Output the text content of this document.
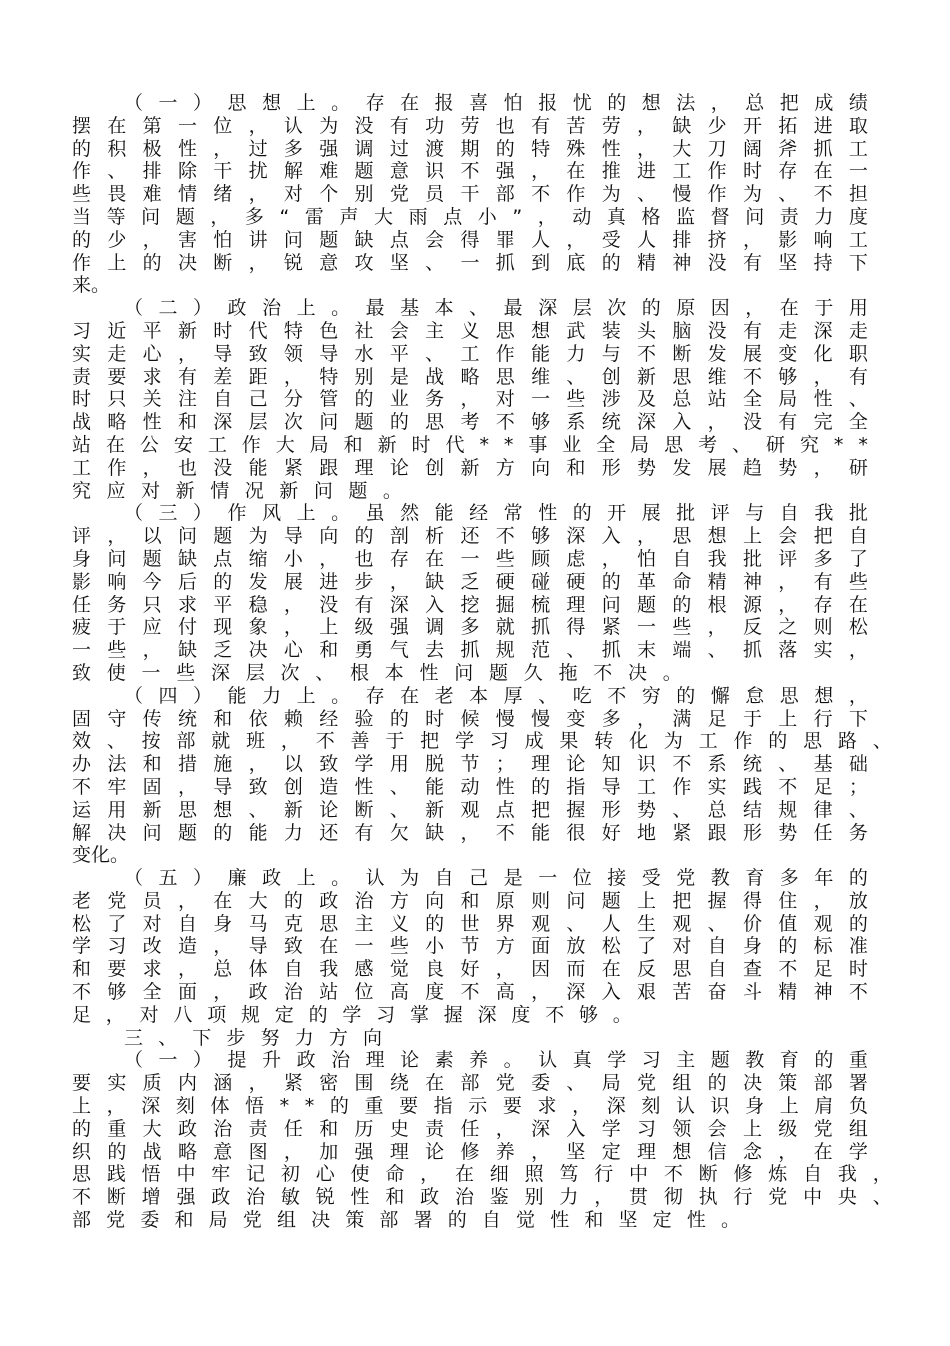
（ 一 ） 思 想 上 。 存 在 报 喜 怕 报 忧 的 想 法 ， 总 把 成 绩
摆 在 第 一 位 ， 认 为 没 有 功 劳 也 有 苦 劳 ， 缺 少 开 拓 进 取
的 积 极 性 ， 过 多 强 调 过 渡 期 的 特 殊 性 ， 大 刀 阔 斧 抓 工
作 、 排 除 干 扰 解 难 题 意 识 不 强 ， 在 推 进 工 作 时 存 在 一
些 畏 难 情 绪 ， 对 个 别 党 员 干 部 不 作 为 、 慢 作 为 、 不 担
当 等 问 题 ， 多 “ 雷 声 大 雨 点 小 ” ， 动 真 格 监 督 问 责 力 度
的 少 ， 害 怕 讲 问 题 缺 点 会 得 罪 人 ， 受 人 排 挤 ， 影 响 工
作 上 的 决 断 ， 锐 意 攻 坚 、 一 抓 到 底 的 精 神 没 有 坚 持 下
来。
（ 二 ） 政 治 上 。 最 基 本 、 最 深 层 次 的 原 因 ， 在 于 用
习 近 平 新 时 代 特 色 社 会 主 义 思 想 武 装 头 脑 没 有 走 深 走
实 走 心 ， 导 致 领 导 水 平 、 工 作 能 力 与 不 断 发 展 变 化 职
责 要 求 有 差 距 ， 特 别 是 战 略 思 维 、 创 新 思 维 不 够 ， 有
时 只 关 注 自 己 分 管 的 业 务 ， 对 一 些 涉 及 总 站 全 局 性 、
战 略 性 和 深 层 次 问 题 的 思 考 不 够 系 统 深 入 ， 没 有 完 全
站 在 公 安 工 作 大 局 和 新 时 代 * * 事 业 全 局 思 考 、 研 究 * *
工 作 ， 也 没 能 紧 跟 理 论 创 新 方 向 和 形 势 发 展 趋 势 ， 研
究 应 对 新 情 况 新 问 题 。
（ 三 ） 作 风 上 。 虽 然 能 经 常 性 的 开 展 批 评 与 自 我 批
评 ， 以 问 题 为 导 向 的 剖 析 还 不 够 深 入 ， 思 想 上 会 把 自
身 问 题 缺 点 缩 小 ， 也 存 在 一 些 顾 虑 ， 怕 自 我 批 评 多 了
影 响 今 后 的 发 展 进 步 ， 缺 乏 硬 碰 硬 的 革 命 精 神 ， 有 些
任 务 只 求 平 稳 ， 没 有 深 入 挖 掘 梳 理 问 题 的 根 源 ， 存 在
疲 于 应 付 现 象 ， 上 级 强 调 多 就 抓 得 紧 一 些 ， 反 之 则 松
一 些 ， 缺 乏 决 心 和 勇 气 去 抓 规 范 、 抓 末 端 、 抓 落 实 ，
致 使 一 些 深 层 次 、 根 本 性 问 题 久 拖 不 决 。
（ 四 ） 能 力 上 。 存 在 老 本 厚 、 吃 不 穷 的 懈 怠 思 想 ，
固 守 传 统 和 依 赖 经 验 的 时 候 慢 慢 变 多 ， 满 足 于 上 行 下
效 、 按 部 就 班 ， 不 善 于 把 学 习 成 果 转 化 为 工 作 的 思 路 、
办 法 和 措 施 ， 以 致 学 用 脱 节 ； 理 论 知 识 不 系 统 、 基 础
不 牢 固 ， 导 致 创 造 性 、 能 动 性 的 指 导 工 作 实 践 不 足 ；
运 用 新 思 想 、 新 论 断 、 新 观 点 把 握 形 势 、 总 结 规 律 、
解 决 问 题 的 能 力 还 有 欠 缺 ， 不 能 很 好 地 紧 跟 形 势 任 务
变化。
（ 五 ） 廉 政 上 。 认 为 自 己 是 一 位 接 受 党 教 育 多 年 的
老 党 员 ， 在 大 的 政 治 方 向 和 原 则 问 题 上 把 握 得 住 ， 放
松 了 对 自 身 马 克 思 主 义 的 世 界 观 、 人 生 观 、 价 值 观 的
学 习 改 造 ， 导 致 在 一 些 小 节 方 面 放 松 了 对 自 身 的 标 准
和 要 求 ， 总 体 自 我 感 觉 良 好 ， 因 而 在 反 思 自 查 不 足 时
不 够 全 面 ， 政 治 站 位 高 度 不 高 ， 深 入 艰 苦 奋 斗 精 神 不
足 ， 对 八 项 规 定 的 学 习 掌 握 深 度 不 够 。
三 、 下 步 努 力 方 向
（ 一 ） 提 升 政 治 理 论 素 养 。 认 真 学 习 主 题 教 育 的 重
要 实 质 内 涵 ， 紧 密 围 绕 在 部 党 委 、 局 党 组 的 决 策 部 署
上 ， 深 刻 体 悟 * * 的 重 要 指 示 要 求 ， 深 刻 认 识 身 上 肩 负
的 重 大 政 治 责 任 和 历 史 责 任 ， 深 入 学 习 领 会 上 级 党 组
织 的 战 略 意 图 ， 加 强 理 论 修 养 ， 坚 定 理 想 信 念 ， 在 学
思 践 悟 中 牢 记 初 心 使 命 ， 在 细 照 笃 行 中 不 断 修 炼 自 我 ，
不 断 增 强 政 治 敏 锐 性 和 政 治 鉴 别 力 ， 贯 彻 执 行 党 中 央 、
部 党 委 和 局 党 组 决 策 部 署 的 自 觉 性 和 坚 定 性 。
